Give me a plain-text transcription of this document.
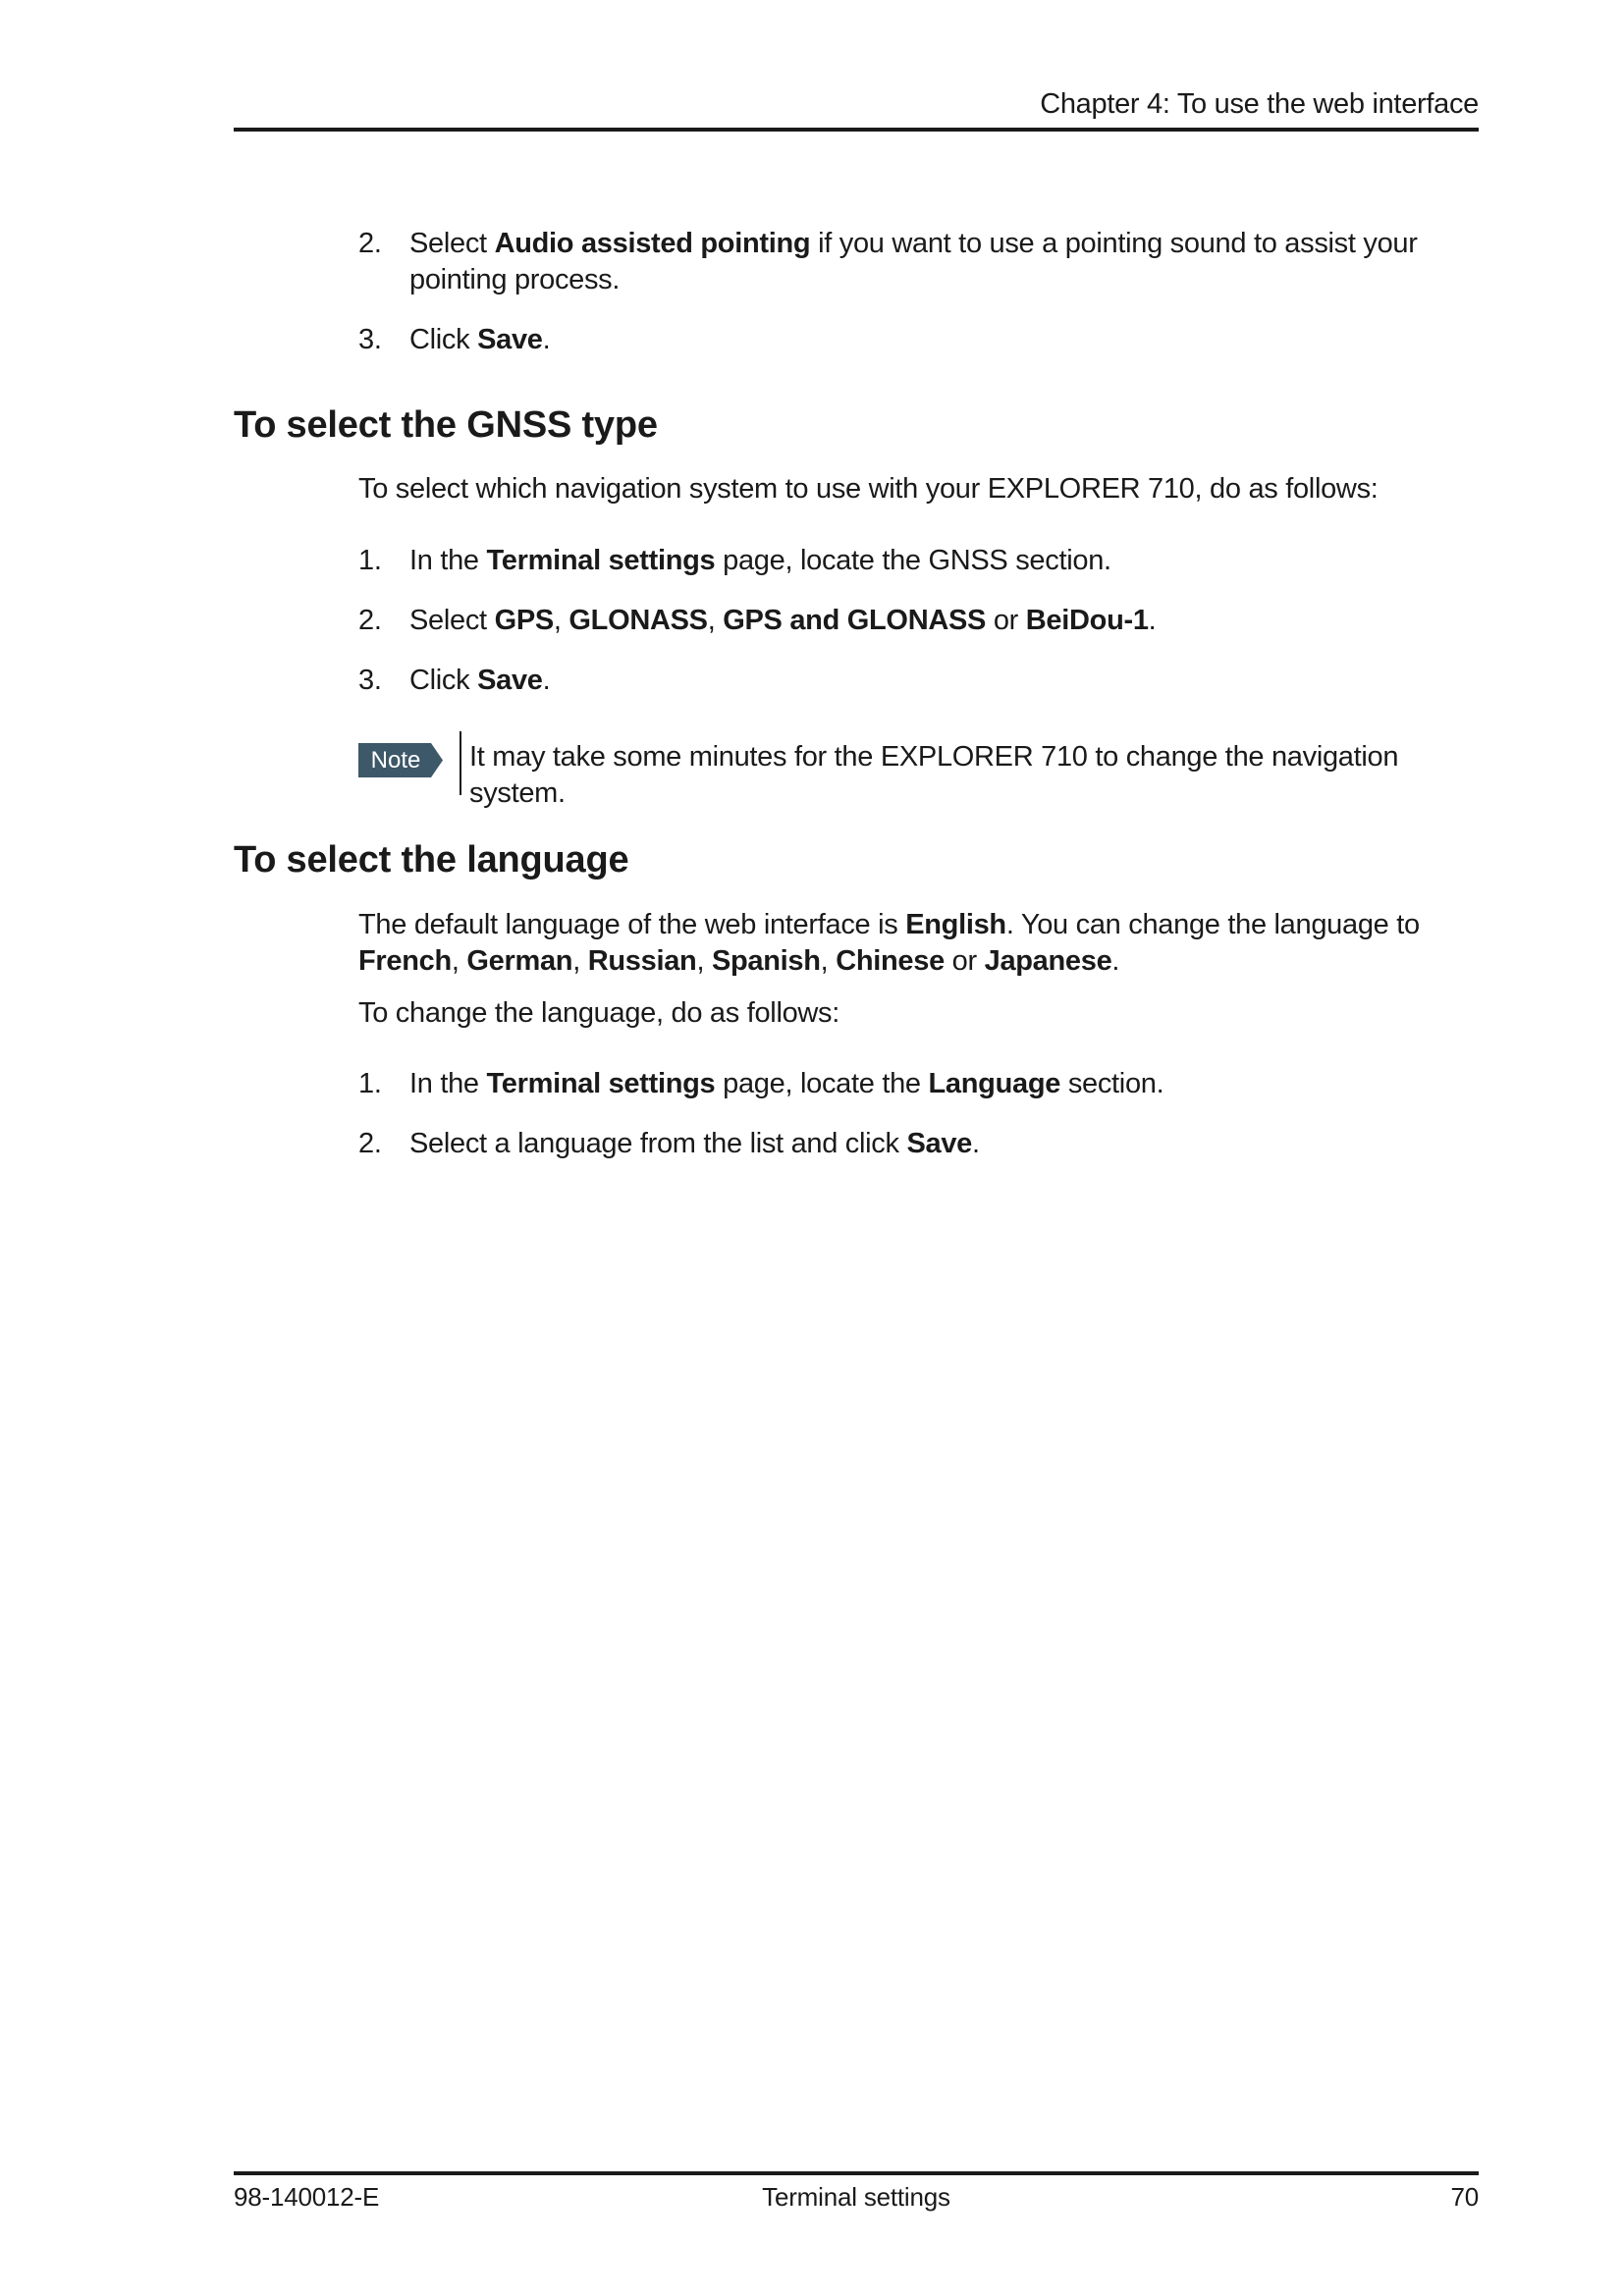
Chapter 4: To use the web interface
2. Select Audio assisted pointing if you want to use a pointing sound to assist your pointing process.
3. Click Save.
To select the GNSS type
To select which navigation system to use with your EXPLORER 710, do as follows:
1. In the Terminal settings page, locate the GNSS section.
2. Select GPS, GLONASS, GPS and GLONASS or BeiDou-1.
3. Click Save.
Note	It may take some minutes for the EXPLORER 710 to change the navigation system.
To select the language
The default language of the web interface is English. You can change the language to French, German, Russian, Spanish, Chinese or Japanese.
To change the language, do as follows:
1. In the Terminal settings page, locate the Language section.
2. Select a language from the list and click Save.
98-140012-E	Terminal settings	70
